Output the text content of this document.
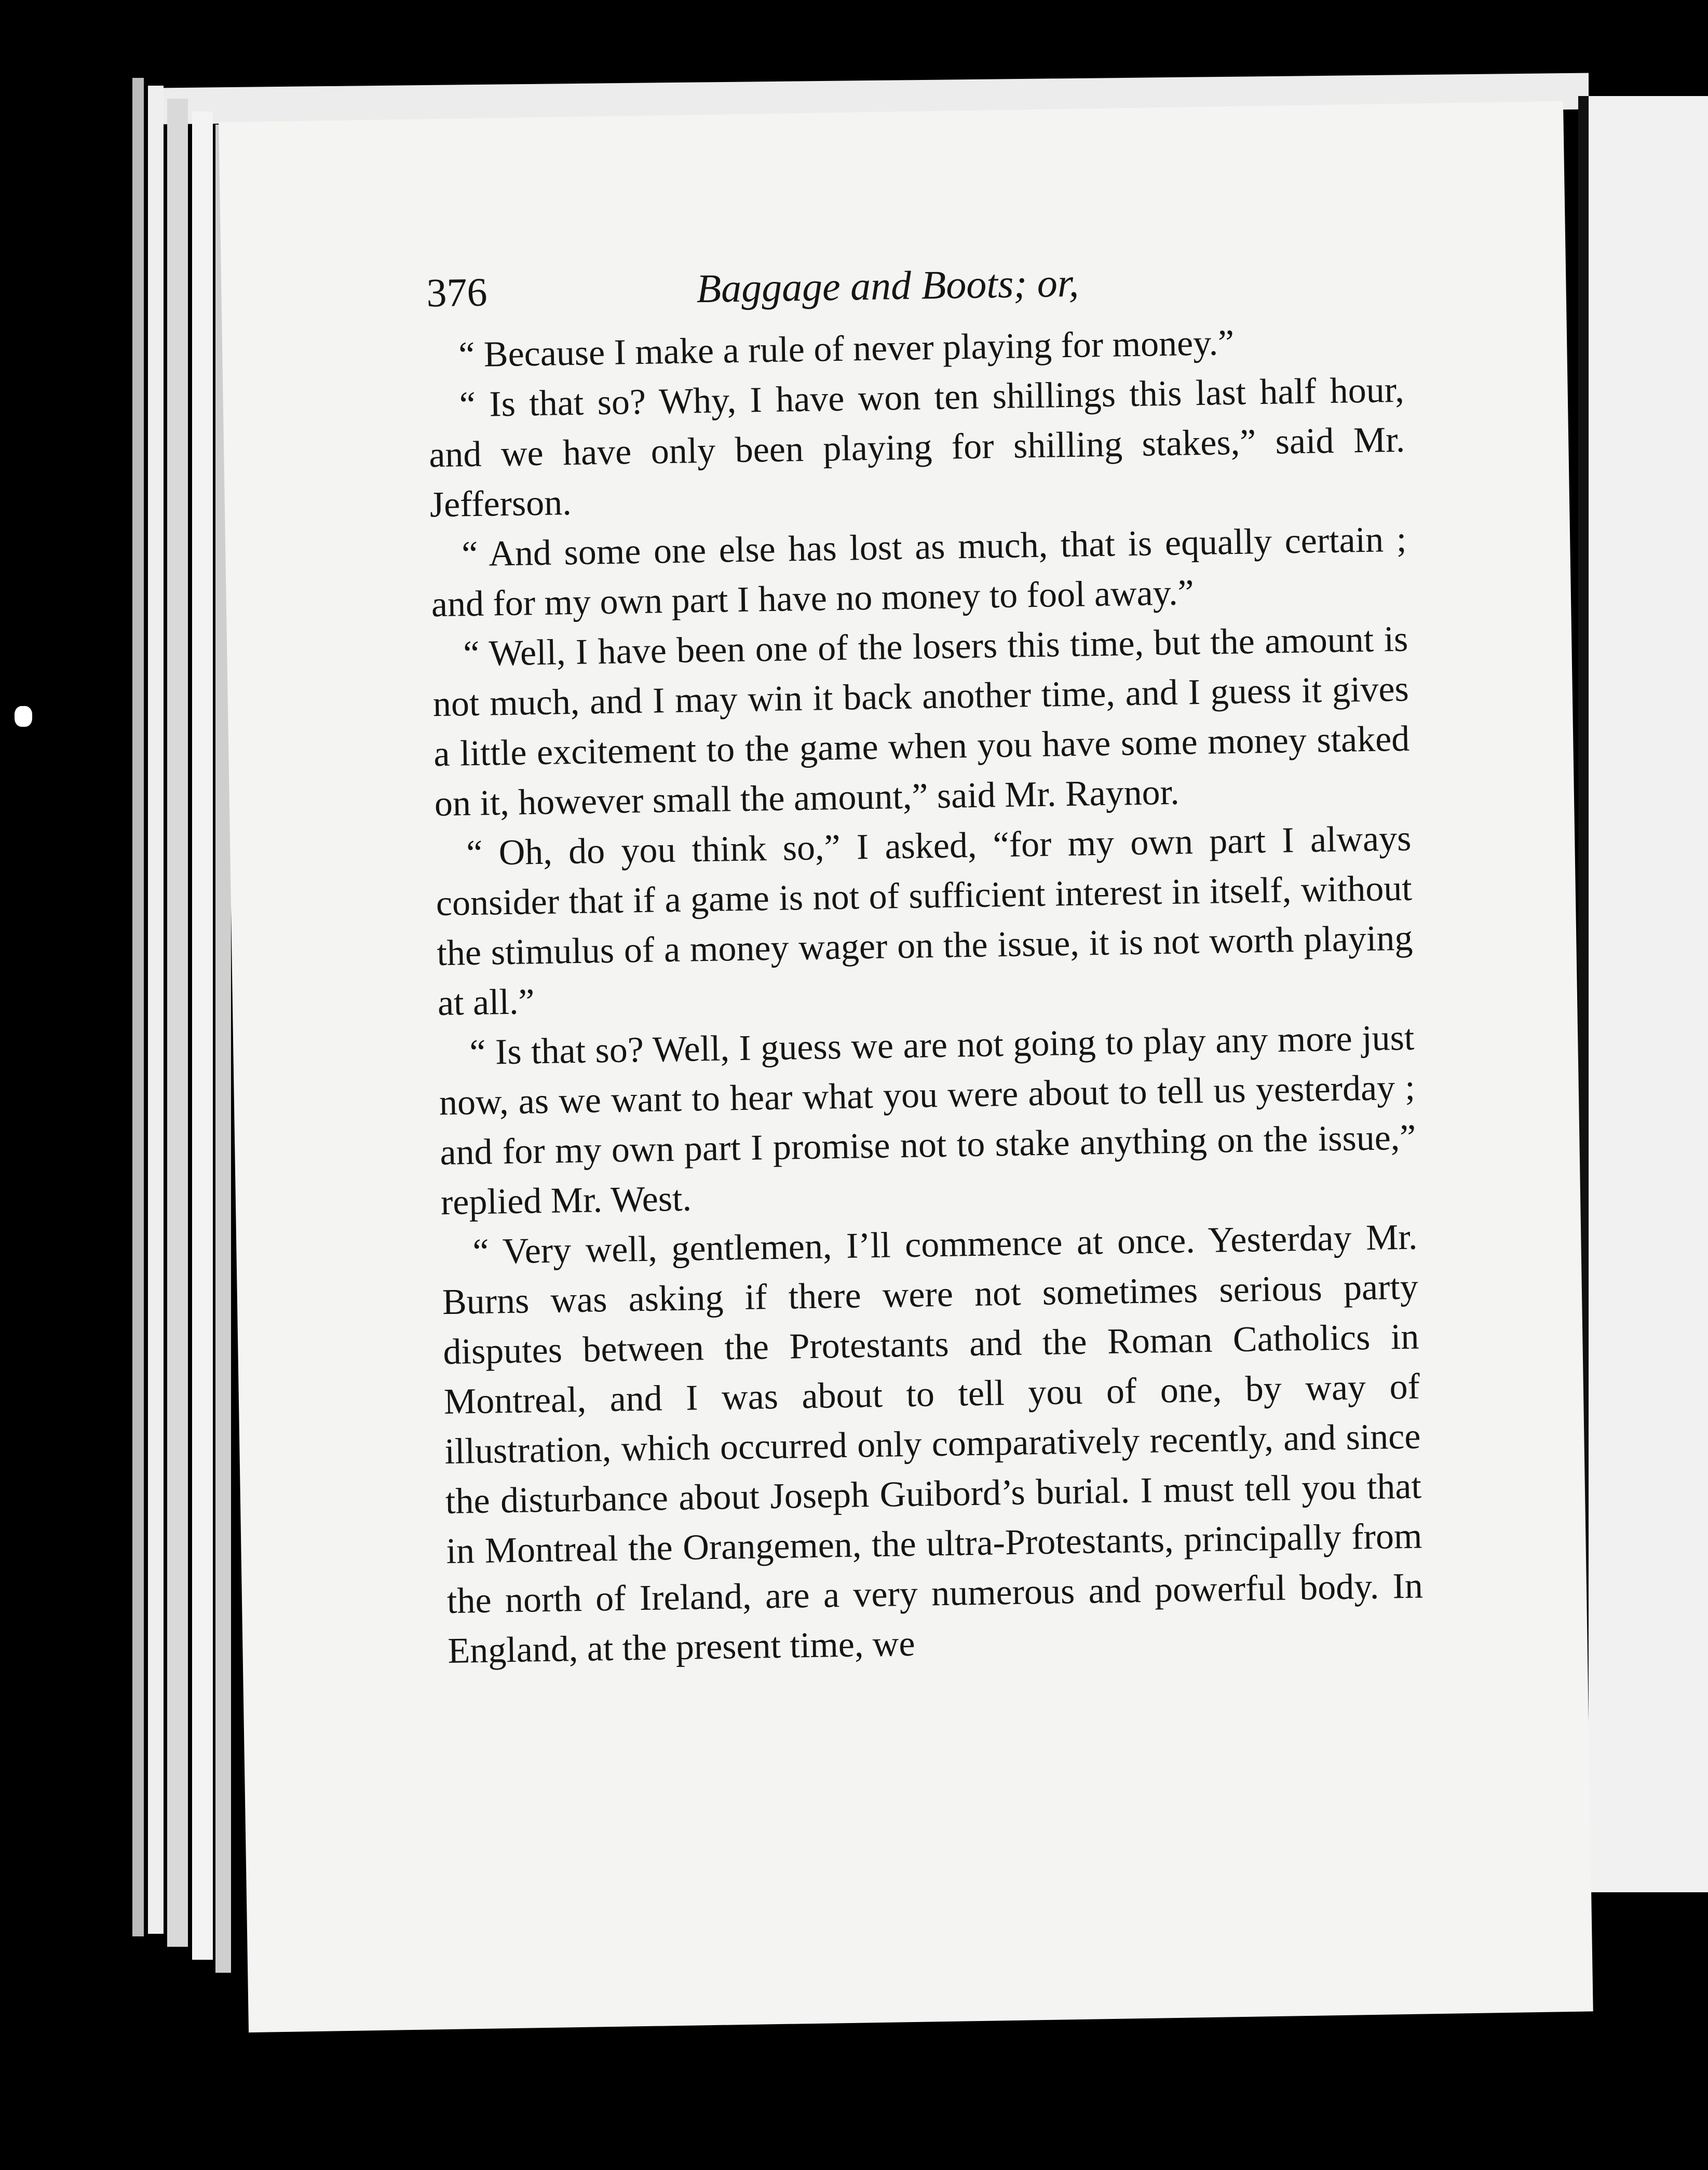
376	Baggage and Boots; or,

“ Because I make a rule of never playing for money.”

“ Is that so? Why, I have won ten shillings this last half hour, and we have only been playing for shilling stakes,” said Mr. Jefferson.

“ And some one else has lost as much, that is equally certain ; and for my own part I have no money to fool away.”

“ Well, I have been one of the losers this time, but the amount is not much, and I may win it back another time, and I guess it gives a little excitement to the game when you have some money staked on it, however small the amount,” said Mr. Raynor.

“ Oh, do you think so,” I asked, “for my own part I always consider that if a game is not of sufficient interest in itself, without the stimulus of a money wager on the issue, it is not worth playing at all.”

“ Is that so? Well, I guess we are not going to play any more just now, as we want to hear what you were about to tell us yesterday ; and for my own part I promise not to stake anything on the issue,” replied Mr. West.

“ Very well, gentlemen, I’ll commence at once. Yesterday Mr. Burns was asking if there were not sometimes serious party disputes between the Protestants and the Roman Catholics in Montreal, and I was about to tell you of one, by way of illustration, which occurred only comparatively recently, and since the disturbance about Joseph Guibord’s burial. I must tell you that in Montreal the Orangemen, the ultra-Protestants, principally from the north of Ireland, are a very numerous and powerful body. In England, at the present time, we
